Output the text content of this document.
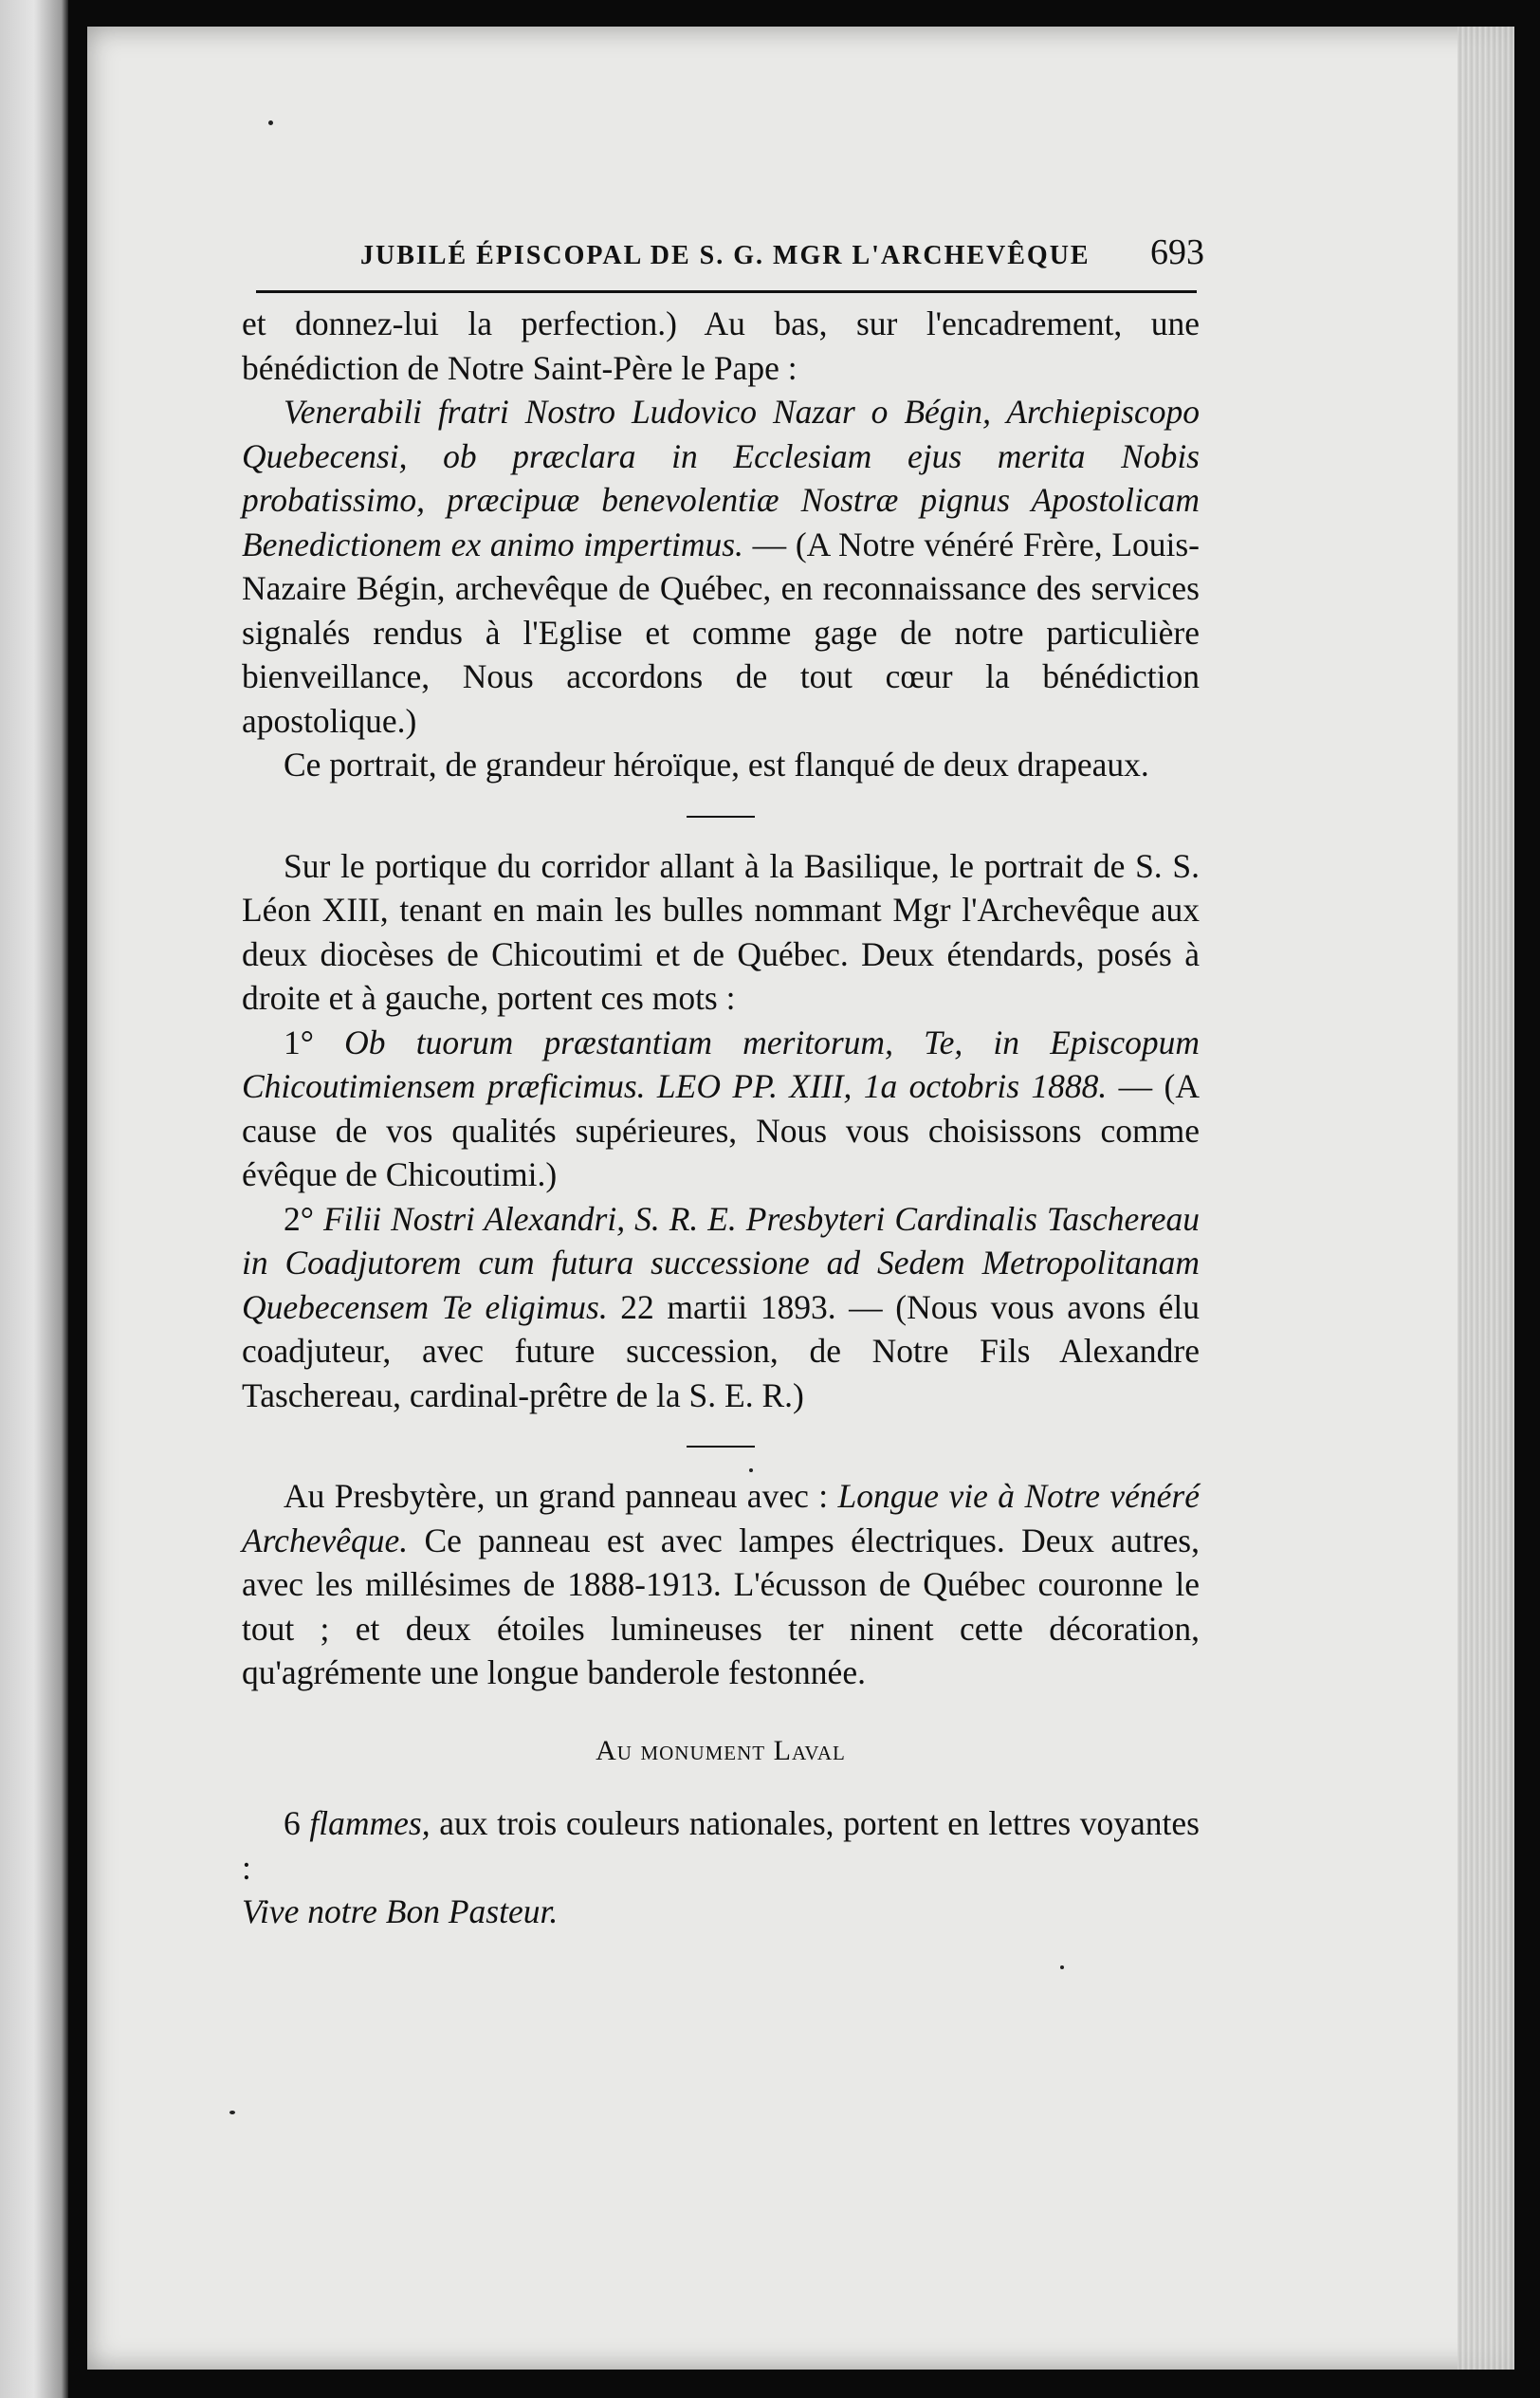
JUBILÉ ÉPISCOPAL DE S. G. MGR L'ARCHEVÊQUE 693

et donnez-lui la perfection.) Au bas, sur l'encadrement, une bénédiction de Notre Saint-Père le Pape :

Venerabili fratri Nostro Ludovico Nazar o Bégin, Archiepiscopo Quebecensi, ob præclara in Ecclesiam ejus merita Nobis probatissimo, præcipuæ benevolentiæ Nostræ pignus Apostolicam Benedictionem ex animo impertimus. — (A Notre vénéré Frère, Louis-Nazaire Bégin, archevêque de Québec, en reconnaissance des services signalés rendus à l'Eglise et comme gage de notre particulière bienveillance, Nous accordons de tout cœur la bénédiction apostolique.)

Ce portrait, de grandeur héroïque, est flanqué de deux drapeaux.

Sur le portique du corridor allant à la Basilique, le portrait de S. S. Léon XIII, tenant en main les bulles nommant Mgr l'Archevêque aux deux diocèses de Chicoutimi et de Québec. Deux étendards, posés à droite et à gauche, portent ces mots :

1° Ob tuorum præstantiam meritorum, Te, in Episcopum Chicoutimiensem præficimus. LEO PP. XIII, 1a octobris 1888. — (A cause de vos qualités supérieures, Nous vous choisissons comme évêque de Chicoutimi.)

2° Filii Nostri Alexandri, S. R. E. Presbyteri Cardinalis Taschereau in Coadjutorem cum futura successione ad Sedem Metropolitanam Quebecensem Te eligimus. 22 martii 1893. — (Nous vous avons élu coadjuteur, avec future succession, de Notre Fils Alexandre Taschereau, cardinal-prêtre de la S. E. R.)

Au Presbytère, un grand panneau avec : Longue vie à Notre vénéré Archevêque. Ce panneau est avec lampes électriques. Deux autres, avec les millésimes de 1888-1913. L'écusson de Québec couronne le tout ; et deux étoiles lumineuses ter ninent cette décoration, qu'agrémente une longue banderole festonnée.

Au monument Laval

6 flammes, aux trois couleurs nationales, portent en lettres voyantes :

Vive notre Bon Pasteur.
